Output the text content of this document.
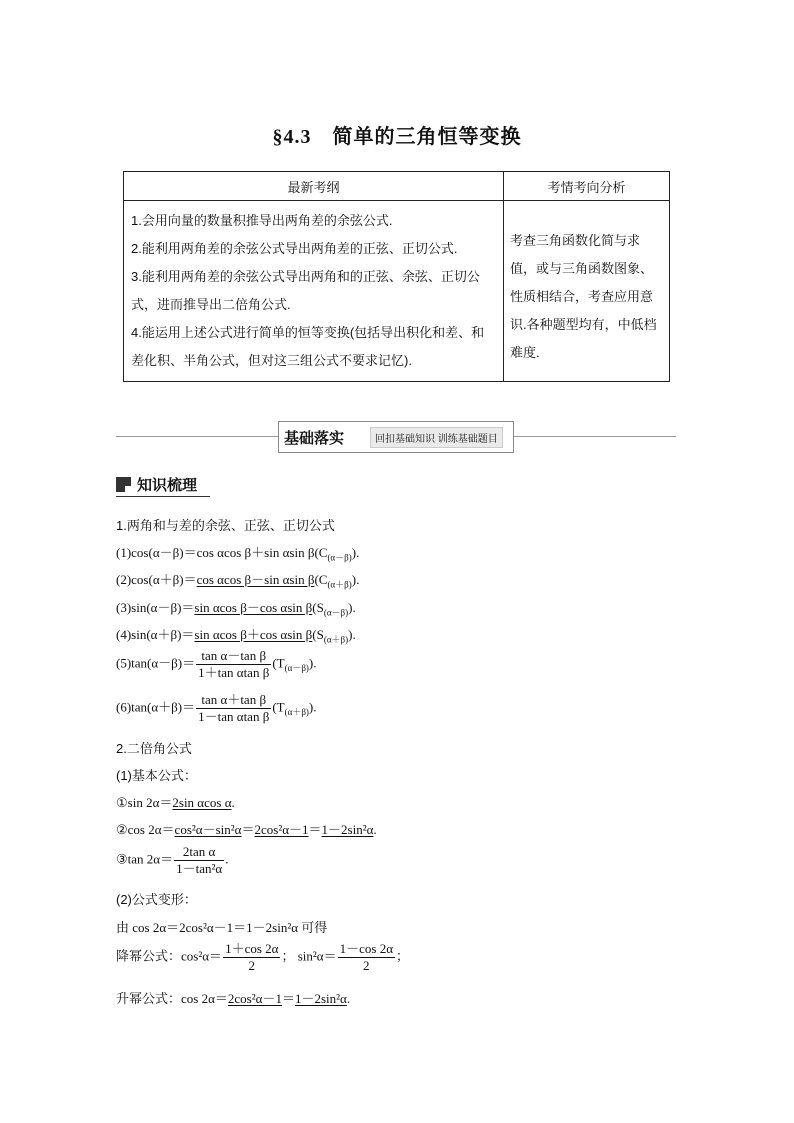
§4.3　简单的三角恒等变换
最新考纲	考情考向分析

1.会用向量的数量积推导出两角差的余弦公式.
2.能利用两角差的余弦公式导出两角差的正弦、正切公式.
3.能利用两角差的余弦公式导出两角和的正弦、余弦、正切公式，进而推导出二倍角公式.
4.能运用上述公式进行简单的恒等变换(包括导出积化和差、和差化积、半角公式，但对这三组公式不要求记忆).	考查三角函数化简与求值，或与三角函数图象、性质相结合，考查应用意识.各种题型均有，中低档难度.
基础落实	回扣基础知识 训练基础题目
知识梳理
1.两角和与差的余弦、正弦、正切公式
(1)cos(α－β)＝cos αcos β＋sin αsin $\beta(C_{(\alpha-\beta)})$.
(2)cos(α＋β)＝cos αcos β－sin αsin $\beta(C_{(\alpha+\beta)})$.
(3)sin(α－β)＝sin αcos β－cos αsin $\beta(S_{(\alpha-\beta)})$.
(4)sin(α＋β)＝sin αcos β＋cos αsin $\beta(S_{(\alpha+\beta)})$.
$(5)\tan(\alpha-\beta)= \frac{\text{tan α－tan β}}{\text{1＋tan αtan β}} (T_{(\alpha-\beta)})$.
$(6)\tan(\alpha+\beta)= \frac{\text{tan α＋tan β}}{\text{1－tan αtan β}} (T_{(\alpha+\beta)})$.
2.二倍角公式
(1)基本公式：
①sin 2α＝2sin αcos α.
②cos 2α＝cos²α－sin²α＝2cos²α－1＝1－2sin²α.
③tan $2\alpha= \frac{\text{2tan α}}{\text{1－tan²α}}$ .
(2)公式变形：
由 cos 2α＝2cos²α－1＝1－2sin²α 可得
降幂公式：$\cos^2\alpha= \frac{1+\cos 2\alpha}{2}$ ； $\sin^2\alpha= \frac{1-\cos 2\alpha}{2}$ ；
升幂公式：cos 2α＝2cos²α－1＝1－2sin²α.
